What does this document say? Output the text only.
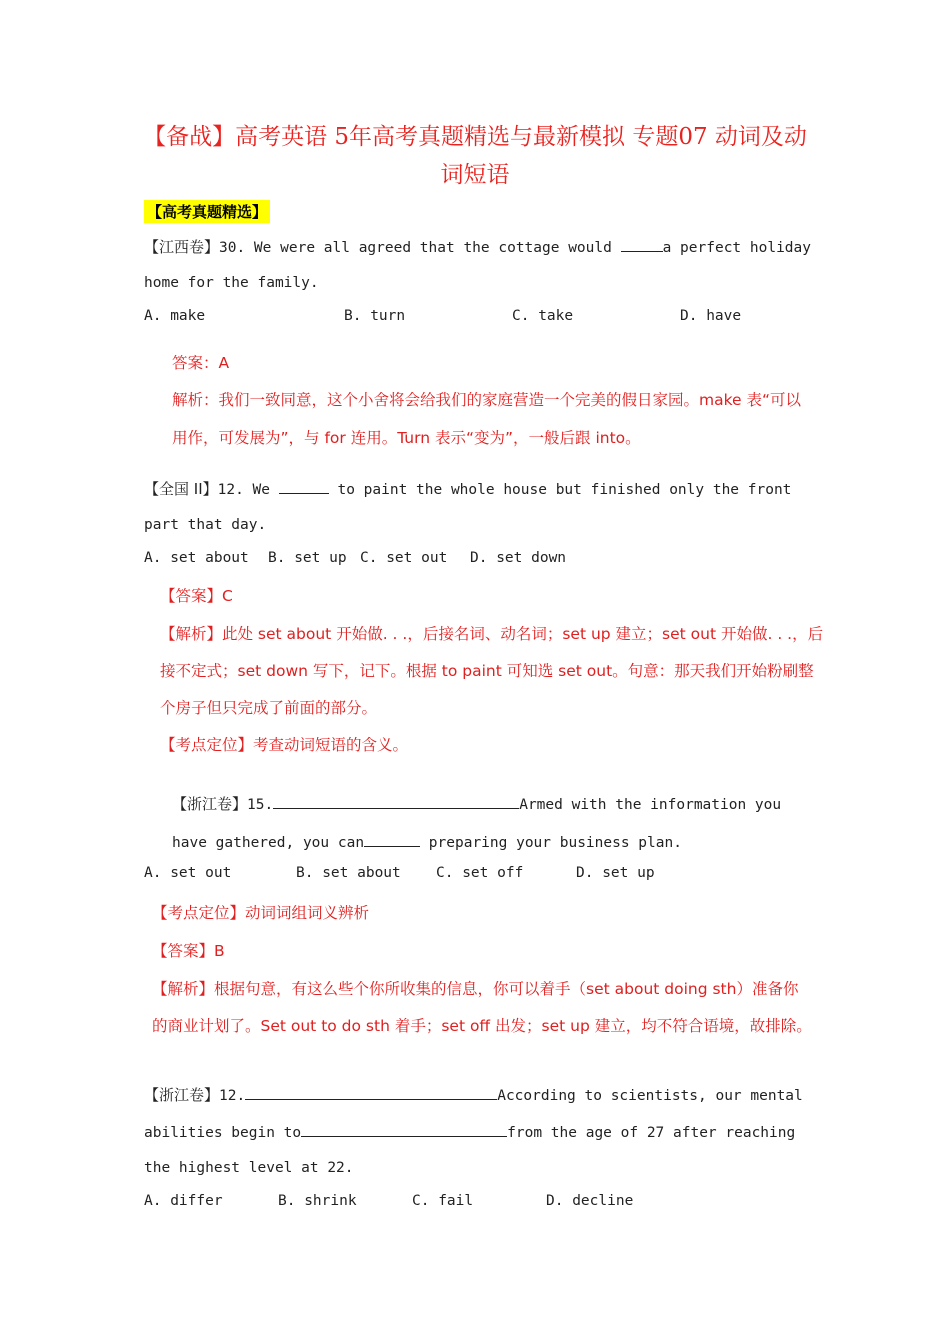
【备战】高考英语 5年高考真题精选与最新模拟 专题07 动词及动
词短语
【高考真题精选】
【江西卷】30. We were all agreed that the cottage would	a perfect holiday
home for the family.
A. make	B. turn	C. take	D. have
答案：A
解析：我们一致同意，这个小舍将会给我们的家庭营造一个完美的假日家园。make 表“可以
用作，可发展为”，与 for 连用。Turn 表示“变为”，一般后跟 into。
【全国 II】12. We	to paint the whole house but finished only the front
part that day.
A. set about B. set up C. set out D. set down
【答案】C
【解析】此处 set about 开始做. . .，后接名词、动名词；set up 建立；set out 开始做. . .，后
接不定式；set down 写下，记下。根据 to paint 可知选 set out。句意：那天我们开始粉刷整
个房子但只完成了前面的部分。
【考点定位】考查动词短语的含义。
【浙江卷】15.	Armed with the information you
have gathered, you can	preparing your business plan.
A. set out	B. set about C. set off	D. set up
【考点定位】动词词组词义辨析
【答案】B
【解析】根据句意，有这么些个你所收集的信息，你可以着手（set about doing sth）准备你
的商业计划了。Set out to do sth 着手；set off 出发；set up 建立，均不符合语境，故排除。
【浙江卷】12.	According to scientists, our mental
abilities begin to	from the age of 27 after reaching
the highest level at 22.
A. differ	B. shrink	C. fail	D. decline
